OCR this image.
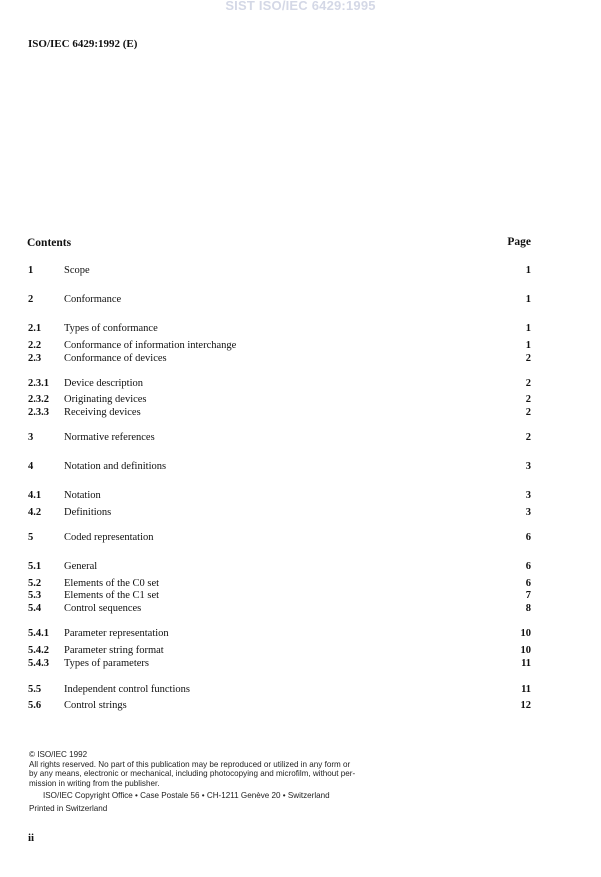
SIST ISO/IEC 6429:1995
ISO/IEC 6429:1992 (E)
Contents	Page
1	Scope	1
2	Conformance	1
2.1 Types of conformance	1
2.2 Conformance of information interchange	1
2.3 Conformance of devices	2
2.3.1 Device description	2
2.3.2 Originating devices	2
2.3.3 Receiving devices	2
3	Normative references	2
4	Notation and definitions	3
4.1 Notation	3
4.2 Definitions	3
5	Coded representation	6
5.1 General	6
5.2 Elements of the C0 set	6
5.3 Elements of the C1 set	7
5.4 Control sequences	8
5.4.1 Parameter representation	10
5.4.2 Parameter string format	10
5.4.3 Types of parameters	11
5.5 Independent control functions	11
5.6 Control strings	12
© ISO/IEC 1992
All rights reserved. No part of this publication may be reproduced or utilized in any form or
by any means, electronic or mechanical, including photocopying and microfilm, without per-
mission in writing from the publisher.
ISO/IEC Copyright Office • Case Postale 56 • CH-1211 Genève 20 • Switzerland
Printed in Switzerland
ii
